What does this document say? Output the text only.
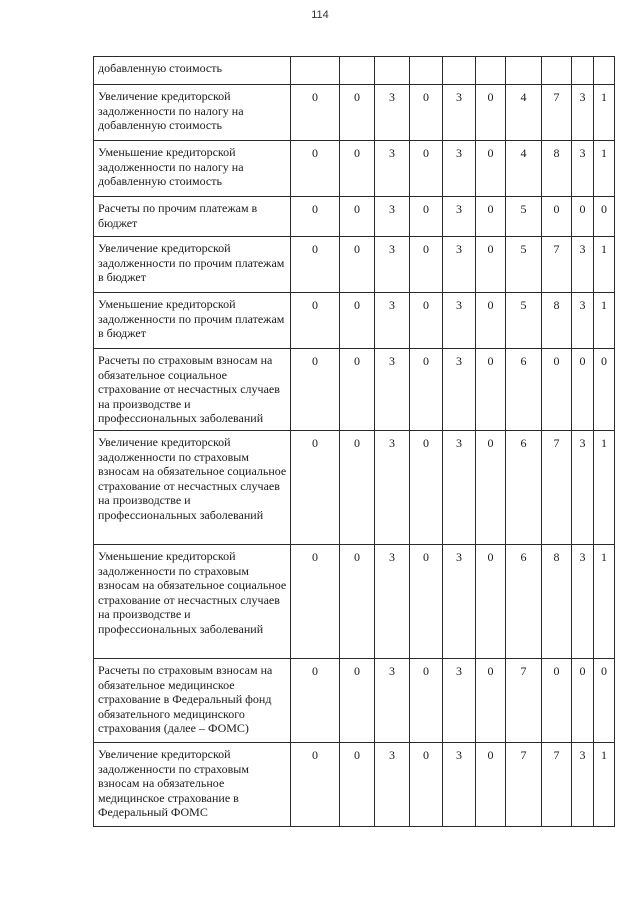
114
добавленную стоимость										
Увеличение кредиторской задолженности по налогу на добавленную стоимость	0	0	3	0	3	0	4	7	3	1
Уменьшение кредиторской задолженности по налогу на добавленную стоимость	0	0	3	0	3	0	4	8	3	1
Расчеты по прочим платежам в бюджет	0	0	3	0	3	0	5	0	0	0
Увеличение кредиторской задолженности по прочим платежам в бюджет	0	0	3	0	3	0	5	7	3	1
Уменьшение кредиторской задолженности по прочим платежам в бюджет	0	0	3	0	3	0	5	8	3	1
Расчеты по страховым взносам на обязательное социальное страхование от несчастных случаев на производстве и профессиональных заболеваний	0	0	3	0	3	0	6	0	0	0
Увеличение кредиторской задолженности по страховым взносам на обязательное социальное страхование от несчастных случаев на производстве и профессиональных заболеваний	0	0	3	0	3	0	6	7	3	1
Уменьшение кредиторской задолженности по страховым взносам на обязательное социальное страхование от несчастных случаев на производстве и профессиональных заболеваний	0	0	3	0	3	0	6	8	3	1
Расчеты по страховым взносам на обязательное медицинское страхование в Федеральный фонд обязательного медицинского страхования (далее – ФОМС)	0	0	3	0	3	0	7	0	0	0
Увеличение кредиторской задолженности по страховым взносам на обязательное медицинское страхование в Федеральный ФОМС	0	0	3	0	3	0	7	7	3	1
